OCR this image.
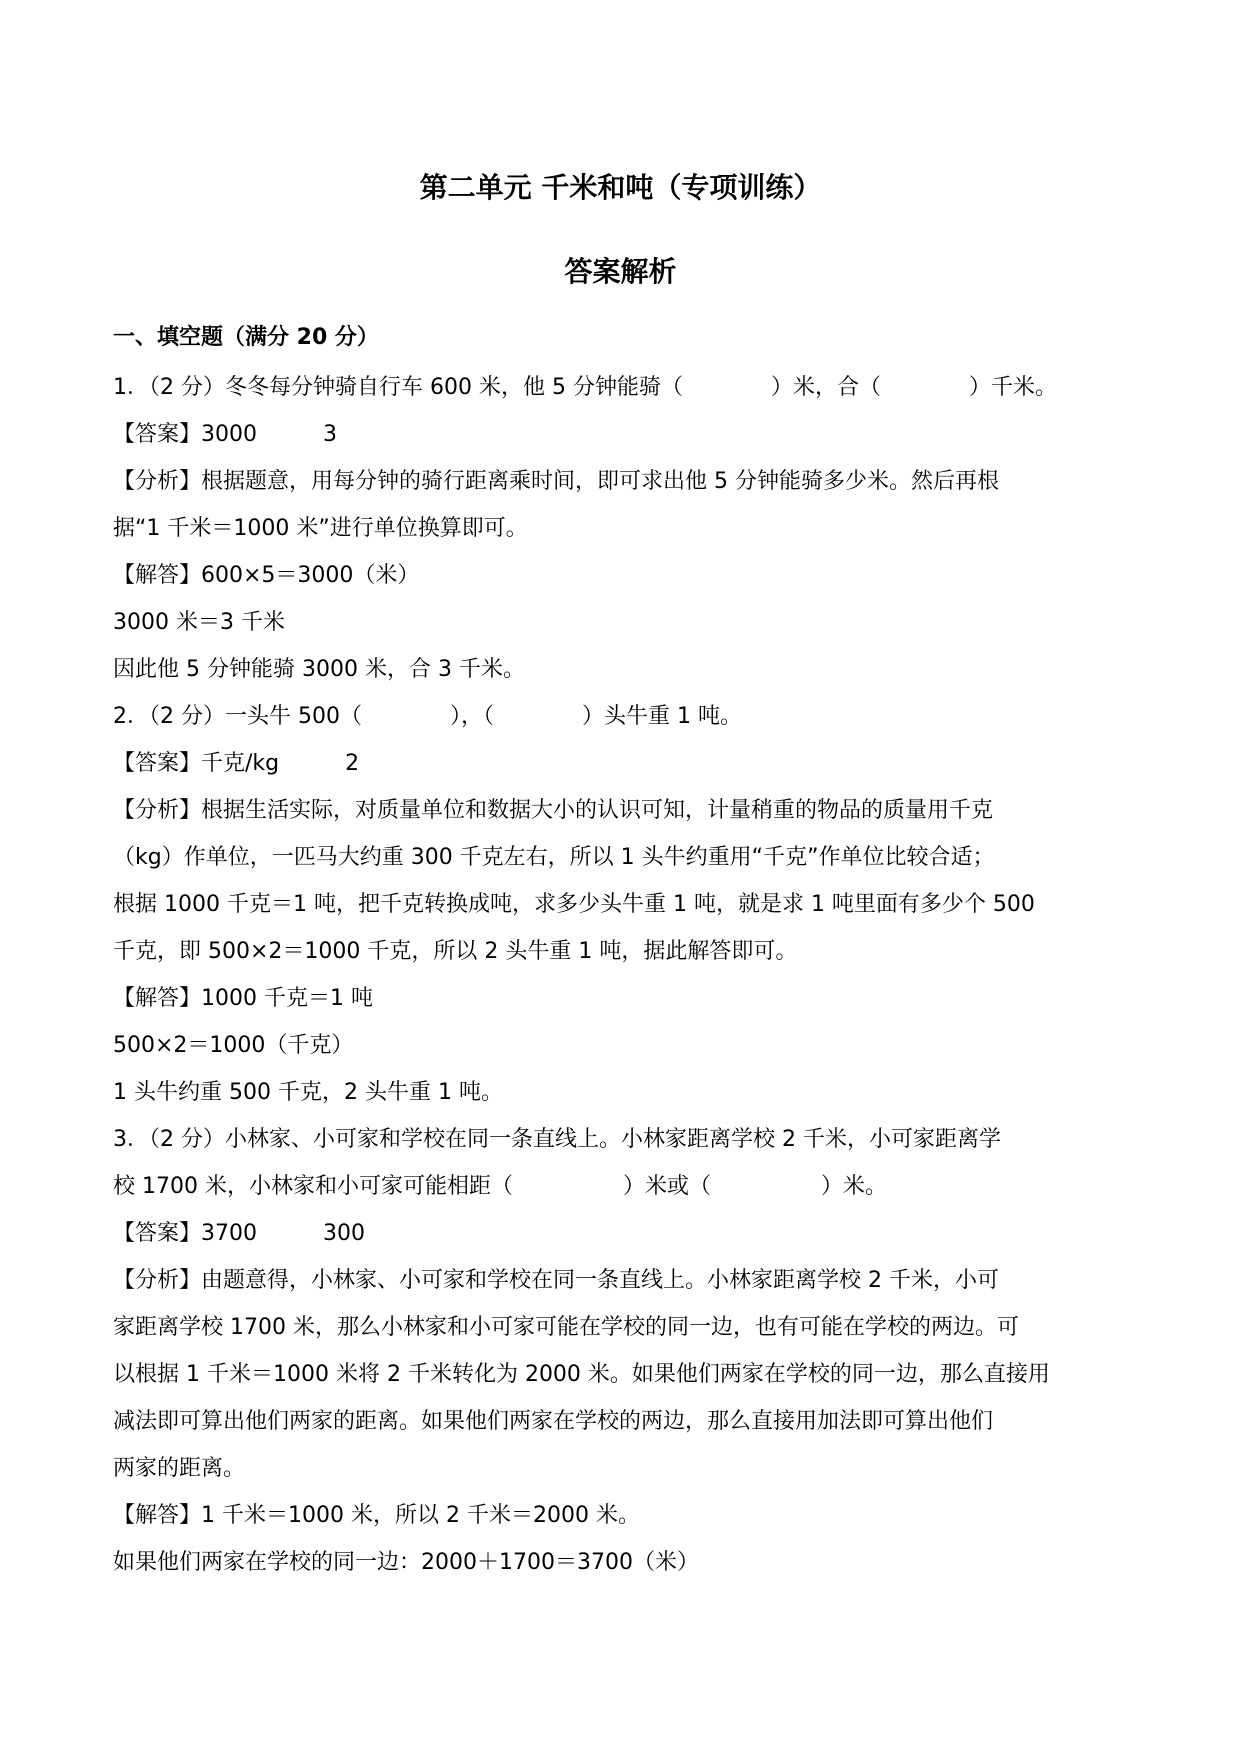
第二单元 千米和吨（专项训练）
答案解析
一、填空题（满分 20 分）
1．（2 分）冬冬每分钟骑自行车 600 米，他 5 分钟能骑（　　　　）米，合（　　　　）千米。
【答案】3000　　　3
【分析】根据题意，用每分钟的骑行距离乘时间，即可求出他 5 分钟能骑多少米。然后再根
据“1 千米＝1000 米”进行单位换算即可。
【解答】600×5＝3000（米）
3000 米＝3 千米
因此他 5 分钟能骑 3000 米，合 3 千米。
2．（2 分）一头牛 500（　　　　），（　　　　）头牛重 1 吨。
【答案】千克/kg　　　2
【分析】根据生活实际，对质量单位和数据大小的认识可知，计量稍重的物品的质量用千克
（kg）作单位，一匹马大约重 300 千克左右，所以 1 头牛约重用“千克”作单位比较合适；
根据 1000 千克＝1 吨，把千克转换成吨，求多少头牛重 1 吨，就是求 1 吨里面有多少个 500
千克，即 500×2＝1000 千克，所以 2 头牛重 1 吨，据此解答即可。
【解答】1000 千克＝1 吨
500×2＝1000（千克）
1 头牛约重 500 千克，2 头牛重 1 吨。
3．（2 分）小林家、小可家和学校在同一条直线上。小林家距离学校 2 千米，小可家距离学
校 1700 米，小林家和小可家可能相距（　　　　　）米或（　　　　　）米。
【答案】3700　　　300
【分析】由题意得，小林家、小可家和学校在同一条直线上。小林家距离学校 2 千米，小可
家距离学校 1700 米，那么小林家和小可家可能在学校的同一边，也有可能在学校的两边。可
以根据 1 千米＝1000 米将 2 千米转化为 2000 米。如果他们两家在学校的同一边，那么直接用
减法即可算出他们两家的距离。如果他们两家在学校的两边，那么直接用加法即可算出他们
两家的距离。
【解答】1 千米＝1000 米，所以 2 千米＝2000 米。
如果他们两家在学校的同一边：2000＋1700＝3700（米）
